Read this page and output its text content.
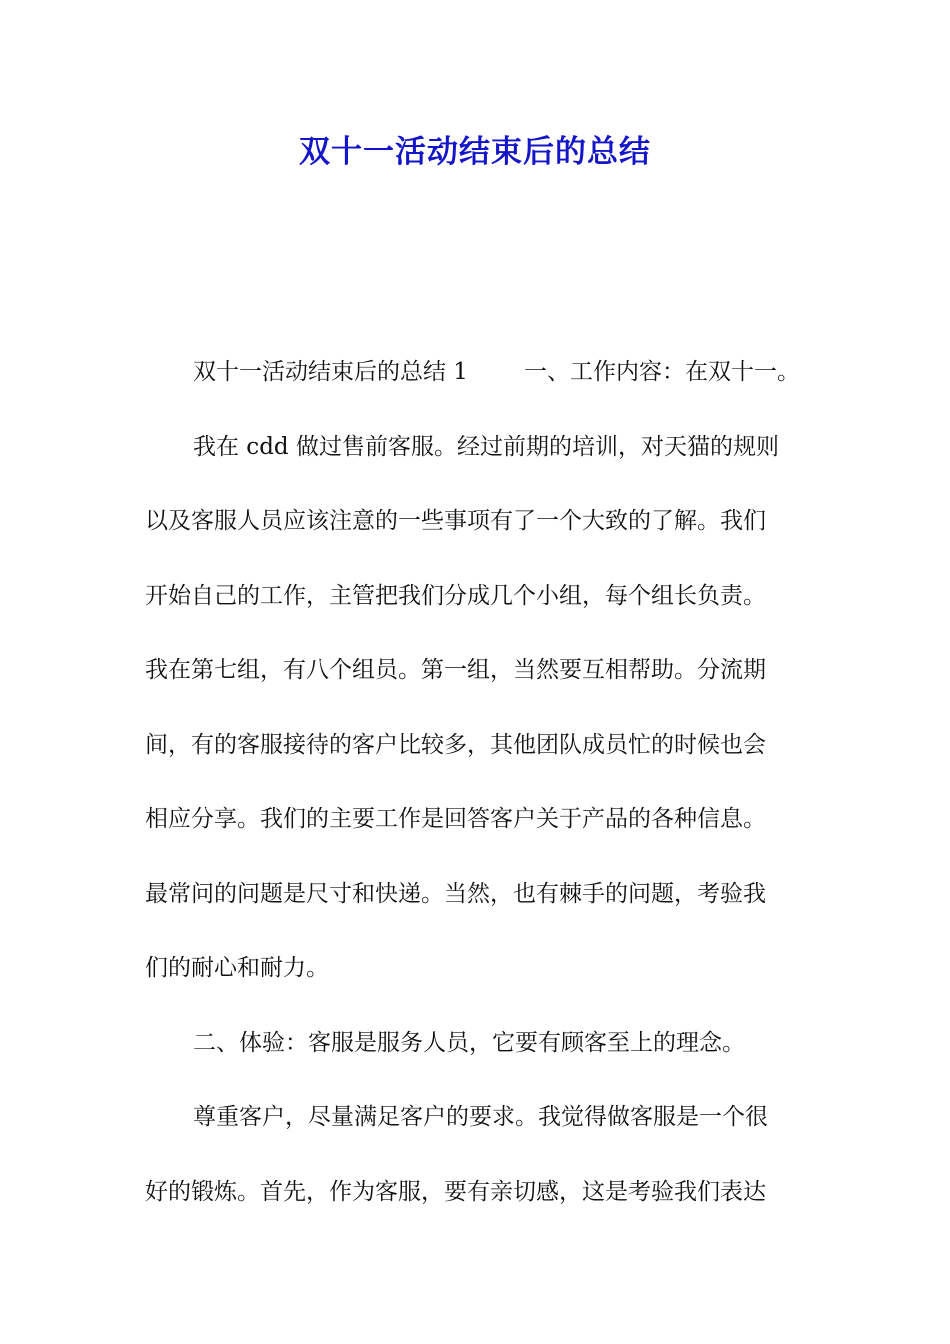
双十一活动结束后的总结

双十一活动结束后的总结 1 一、工作内容：在双十一。

我在 cdd 做过售前客服。经过前期的培训，对天猫的规则

以及客服人员应该注意的一些事项有了一个大致的了解。我们

开始自己的工作，主管把我们分成几个小组，每个组长负责。

我在第七组，有八个组员。第一组，当然要互相帮助。分流期

间，有的客服接待的客户比较多，其他团队成员忙的时候也会

相应分享。我们的主要工作是回答客户关于产品的各种信息。

最常问的问题是尺寸和快递。当然，也有棘手的问题，考验我

们的耐心和耐力。

二、体验：客服是服务人员，它要有顾客至上的理念。

尊重客户，尽量满足客户的要求。我觉得做客服是一个很

好的锻炼。首先，作为客服，要有亲切感，这是考验我们表达
